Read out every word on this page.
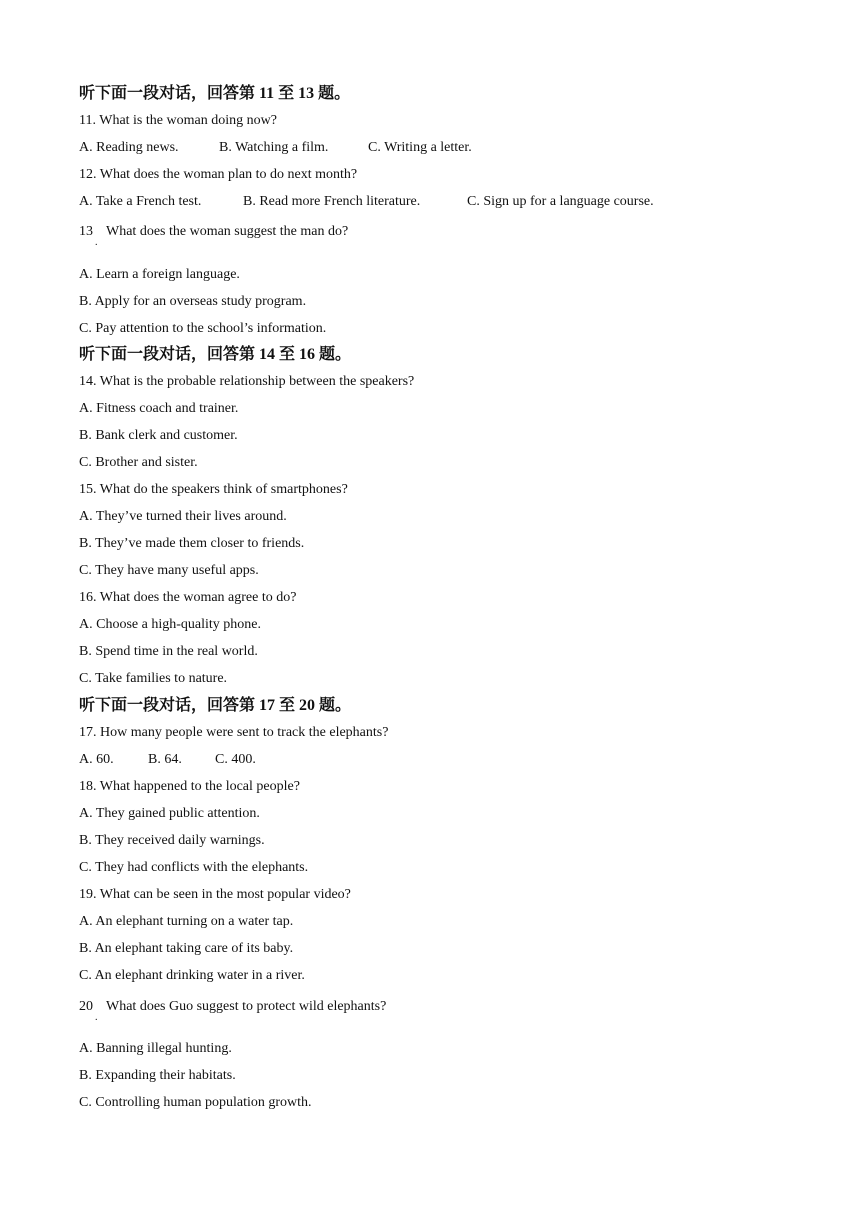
听下面一段对话，回答第 11 至 13 题。
11. What is the woman doing now?
A. Reading news.	B. Watching a film.	C. Writing a letter.
12. What does the woman plan to do next month?
A. Take a French test.	B. Read more French literature.	C. Sign up for a language course.
13
.
What does the woman suggest the man do?
A. Learn a foreign language.
B. Apply for an overseas study program.
C. Pay attention to the school’s information.
听下面一段对话，回答第 14 至 16 题。
14. What is the probable relationship between the speakers?
A. Fitness coach and trainer.
B. Bank clerk and customer.
C. Brother and sister.
15. What do the speakers think of smartphones?
A. They’ve turned their lives around.
B. They’ve made them closer to friends.
C. They have many useful apps.
16. What does the woman agree to do?
A. Choose a high-quality phone.
B. Spend time in the real world.
C. Take families to nature.
听下面一段对话，回答第 17 至 20 题。
17. How many people were sent to track the elephants?
A. 60. B. 64. C. 400.
18. What happened to the local people?
A. They gained public attention.
B. They received daily warnings.
C. They had conflicts with the elephants.
19. What can be seen in the most popular video?
A. An elephant turning on a water tap.
B. An elephant taking care of its baby.
C. An elephant drinking water in a river.
20
.
What does Guo suggest to protect wild elephants?
A. Banning illegal hunting.
B. Expanding their habitats.
C. Controlling human population growth.
